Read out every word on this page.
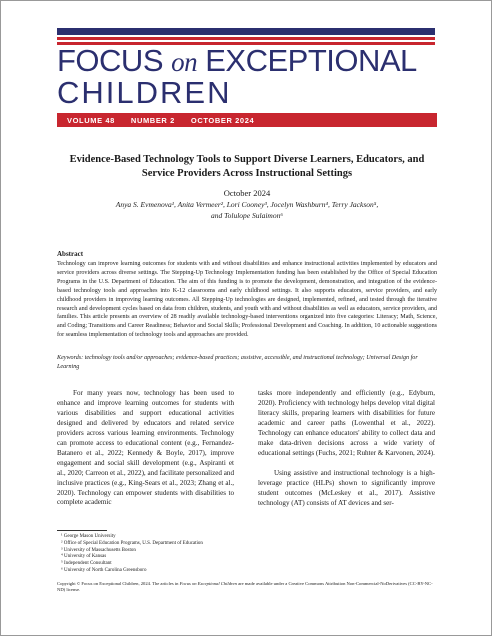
FOCUS on EXCEPTIONAL
CHILDREN
VOLUME 48 NUMBER 2 OCTOBER 2024
Evidence-Based Technology Tools to Support Diverse Learners, Educators, and
Service Providers Across Instructional Settings
October 2024
Anya S. Evmenova¹, Anita Vermeer², Lori Cooney³, Jocelyn Washburn⁴, Terry Jackson⁵,
and Tolulope Sulaimon⁶
Abstract
Technology can improve learning outcomes for students with and without disabilities and enhance instructional activities implemented by educators and service providers across diverse settings. The Stepping-Up Technology Implementation funding has been established by the Office of Special Education Programs in the U.S. Department of Education. The aim of this funding is to promote the development, demonstration, and integration of the evidence-based technology tools and approaches into K-12 classrooms and early childhood settings. It also supports educators, service providers, and early childhood providers in improving learning outcomes. All Stepping-Up technologies are designed, implemented, refined, and tested through the iterative research and development cycles based on data from children, students, and youth with and without disabilities as well as educators, service providers, and families. This article presents an overview of 28 readily available technology-based interventions organized into five categories: Literacy; Math, Science, and Coding; Transitions and Career Readiness; Behavior and Social Skills; Professional Development and Coaching. In addition, 10 actionable suggestions for seamless implementation of technology tools and approaches are provided.
Keywords: technology tools and/or approaches; evidence-based practices; assistive, accessible, and instructional technology; Universal Design for Learning

For many years now, technology has been used to enhance and improve learning outcomes for students with various disabilities and support educational activities designed and delivered by educators and related service providers across various learning environments. Technology can promote access to educational content (e.g., Fernandez-Batanero et al., 2022; Kennedy & Boyle, 2017), improve engagement and social skill development (e.g., Aspiranti et al., 2020; Carreon et al., 2022), and facilitate personalized and inclusive practices (e.g., King-Sears et al., 2023; Zhang et al., 2020). Technology can empower students with disabilities to complete academic

tasks more independently and efficiently (e.g., Edyburn, 2020). Proficiency with technology helps develop vital digital literacy skills, preparing learners with disabilities for future academic and career paths (Lowenthal et al., 2022). Technology can enhance educators' ability to collect data and make data-driven decisions across a wide variety of educational settings (Fuchs, 2021; Ruhter & Karvonen, 2024).

Using assistive and instructional technology is a high-leverage practice (HLPs) shown to significantly improve student outcomes (McLeskey et al., 2017). Assistive technology (AT) consists of AT devices and ser-

¹ George Mason University
² Office of Special Education Programs, U.S. Department of Education
³ University of Massachusetts Boston
⁴ University of Kansas
⁵ Independent Consultant
⁶ University of North Carolina Greensboro
Copyright © Focus on Exceptional Children, 2024. The articles in Focus on Exceptional Children are made available under a Creative Commons Attribution Non-Commercial-NoDerivatives (CC-BY-NC-ND) license.
